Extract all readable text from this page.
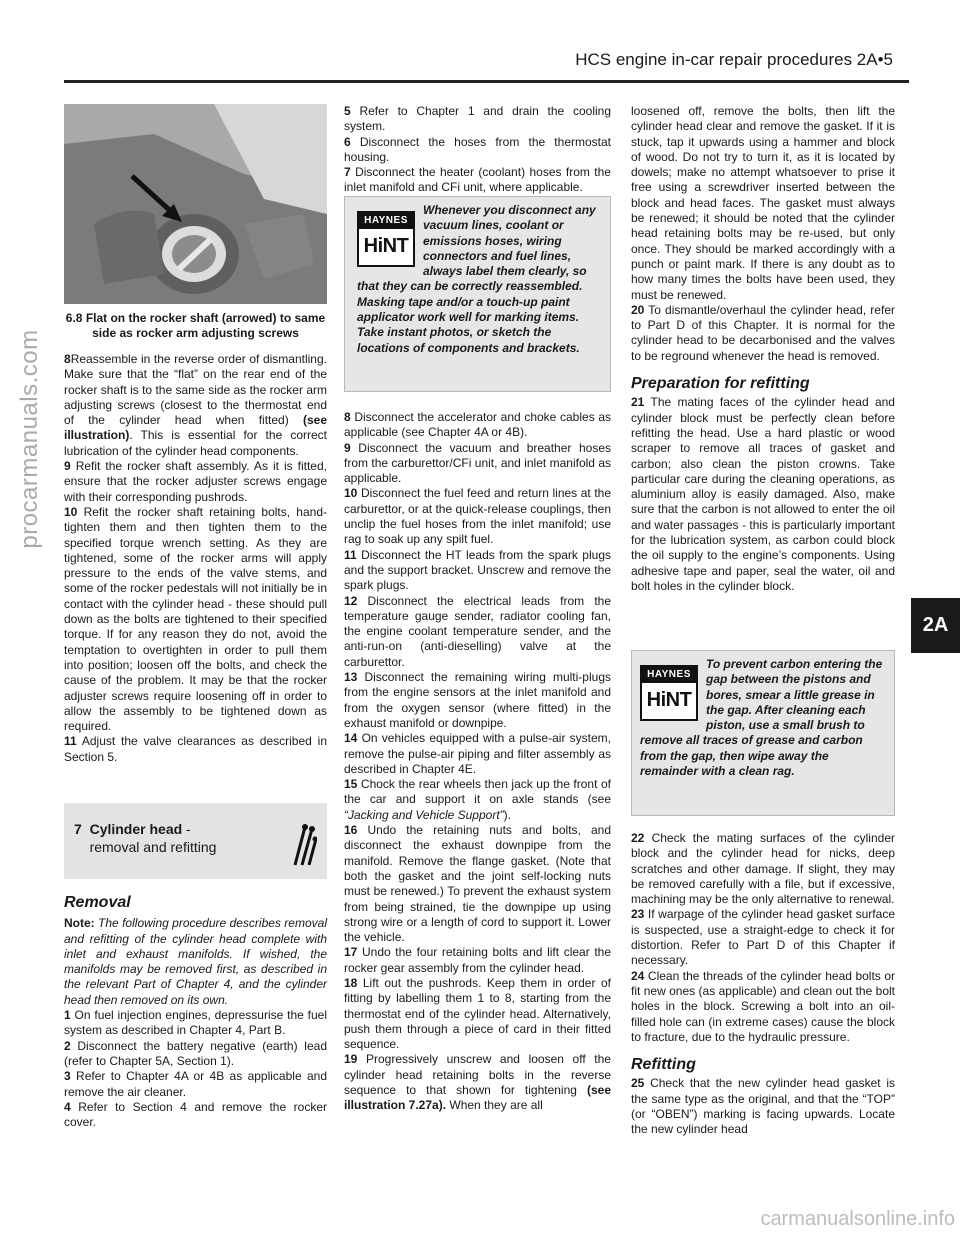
HCS engine in-car repair procedures 2A•5
2A
procarmanuals.com
carmanualsonline.info
6.8 Flat on the rocker shaft (arrowed) to same side as rocker arm adjusting screws

8Reassemble in the reverse order of dismantling. Make sure that the “flat” on the rear end of the rocker shaft is to the same side as the rocker arm adjusting screws (closest to the thermostat end of the cylinder head when fitted) (see illustration). This is essential for the correct lubrication of the cylinder head components.

9 Refit the rocker shaft assembly. As it is fitted, ensure that the rocker adjuster screws engage with their corresponding pushrods.

10 Refit the rocker shaft retaining bolts, hand-tighten them and then tighten them to the specified torque wrench setting. As they are tightened, some of the rocker arms will apply pressure to the ends of the valve stems, and some of the rocker pedestals will not initially be in contact with the cylinder head - these should pull down as the bolts are tightened to their specified torque. If for any reason they do not, avoid the temptation to overtighten in order to pull them into position; loosen off the bolts, and check the cause of the problem. It may be that the rocker adjuster screws require loosening off in order to allow the assembly to be tightened down as required.

11 Adjust the valve clearances as described in Section 5.

7 Cylinder head -
removal and refitting

Removal

Note: The following procedure describes removal and refitting of the cylinder head complete with inlet and exhaust manifolds. If wished, the manifolds may be removed first, as described in the relevant Part of Chapter 4, and the cylinder head then removed on its own.

1 On fuel injection engines, depressurise the fuel system as described in Chapter 4, Part B.

2 Disconnect the battery negative (earth) lead (refer to Chapter 5A, Section 1).

3 Refer to Chapter 4A or 4B as applicable and remove the air cleaner.

4 Refer to Section 4 and remove the rocker cover.

5 Refer to Chapter 1 and drain the cooling system.

6 Disconnect the hoses from the thermostat housing.

7 Disconnect the heater (coolant) hoses from the inlet manifold and CFi unit, where applicable.

HAYNES
HiNT
Whenever you disconnect any vacuum lines, coolant or emissions hoses, wiring connectors and fuel lines, always label them clearly, so that they can be correctly reassembled. Masking tape and/or a touch-up paint applicator work well for marking items. Take instant photos, or sketch the locations of components and brackets.

8 Disconnect the accelerator and choke cables as applicable (see Chapter 4A or 4B).

9 Disconnect the vacuum and breather hoses from the carburettor/CFi unit, and inlet manifold as applicable.

10 Disconnect the fuel feed and return lines at the carburettor, or at the quick-release couplings, then unclip the fuel hoses from the inlet manifold; use rag to soak up any spilt fuel.

11 Disconnect the HT leads from the spark plugs and the support bracket. Unscrew and remove the spark plugs.

12 Disconnect the electrical leads from the temperature gauge sender, radiator cooling fan, the engine coolant temperature sender, and the anti-run-on (anti-dieselling) valve at the carburettor.

13 Disconnect the remaining wiring multi-plugs from the engine sensors at the inlet manifold and from the oxygen sensor (where fitted) in the exhaust manifold or downpipe.

14 On vehicles equipped with a pulse-air system, remove the pulse-air piping and filter assembly as described in Chapter 4E.

15 Chock the rear wheels then jack up the front of the car and support it on axle stands (see “Jacking and Vehicle Support”).

16 Undo the retaining nuts and bolts, and disconnect the exhaust downpipe from the manifold. Remove the flange gasket. (Note that both the gasket and the joint self-locking nuts must be renewed.) To prevent the exhaust system from being strained, tie the downpipe up using strong wire or a length of cord to support it. Lower the vehicle.

17 Undo the four retaining bolts and lift clear the rocker gear assembly from the cylinder head.

18 Lift out the pushrods. Keep them in order of fitting by labelling them 1 to 8, starting from the thermostat end of the cylinder head. Alternatively, push them through a piece of card in their fitted sequence.

19 Progressively unscrew and loosen off the cylinder head retaining bolts in the reverse sequence to that shown for tightening (see illustration 7.27a). When they are all

loosened off, remove the bolts, then lift the cylinder head clear and remove the gasket. If it is stuck, tap it upwards using a hammer and block of wood. Do not try to turn it, as it is located by dowels; make no attempt whatsoever to prise it free using a screwdriver inserted between the block and head faces. The gasket must always be renewed; it should be noted that the cylinder head retaining bolts may be re-used, but only once. They should be marked accordingly with a punch or paint mark. If there is any doubt as to how many times the bolts have been used, they must be renewed.

20 To dismantle/overhaul the cylinder head, refer to Part D of this Chapter. It is normal for the cylinder head to be decarbonised and the valves to be reground whenever the head is removed.

Preparation for refitting

21 The mating faces of the cylinder head and cylinder block must be perfectly clean before refitting the head. Use a hard plastic or wood scraper to remove all traces of gasket and carbon; also clean the piston crowns. Take particular care during the cleaning operations, as aluminium alloy is easily damaged. Also, make sure that the carbon is not allowed to enter the oil and water passages - this is particularly important for the lubrication system, as carbon could block the oil supply to the engine’s components. Using adhesive tape and paper, seal the water, oil and bolt holes in the cylinder block.

HAYNES
HiNT
To prevent carbon entering the gap between the pistons and bores, smear a little grease in the gap. After cleaning each piston, use a small brush to remove all traces of grease and carbon from the gap, then wipe away the remainder with a clean rag.

22 Check the mating surfaces of the cylinder block and the cylinder head for nicks, deep scratches and other damage. If slight, they may be removed carefully with a file, but if excessive, machining may be the only alternative to renewal.

23 If warpage of the cylinder head gasket surface is suspected, use a straight-edge to check it for distortion. Refer to Part D of this Chapter if necessary.

24 Clean the threads of the cylinder head bolts or fit new ones (as applicable) and clean out the bolt holes in the block. Screwing a bolt into an oil-filled hole can (in extreme cases) cause the block to fracture, due to the hydraulic pressure.

Refitting

25 Check that the new cylinder head gasket is the same type as the original, and that the “TOP” (or “OBEN”) marking is facing upwards. Locate the new cylinder head
